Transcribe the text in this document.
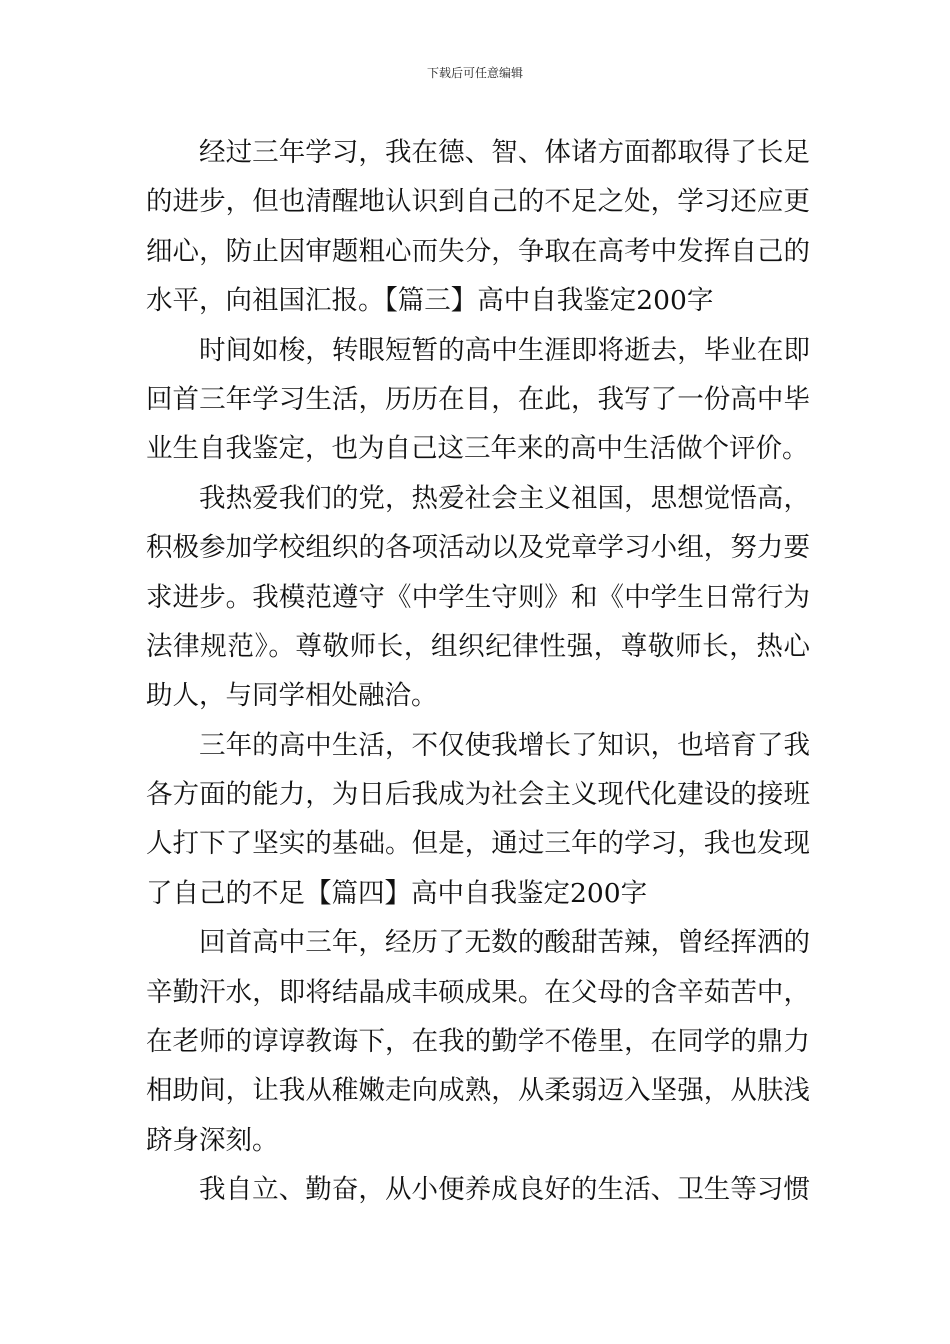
下载后可任意编辑
经过三年学习，我在德、智、体诸方面都取得了长足
的进步，但也清醒地认识到自己的不足之处，学习还应更
细心，防止因审题粗心而失分，争取在高考中发挥自己的
水平，向祖国汇报。【篇三】高中自我鉴定200字
时间如梭，转眼短暂的高中生涯即将逝去，毕业在即
回首三年学习生活，历历在目，在此，我写了一份高中毕
业生自我鉴定，也为自己这三年来的高中生活做个评价。
我热爱我们的党，热爱社会主义祖国，思想觉悟高，
积极参加学校组织的各项活动以及党章学习小组，努力要
求进步。我模范遵守《中学生守则》和《中学生日常行为
法律规范》。尊敬师长，组织纪律性强，尊敬师长，热心
助人，与同学相处融洽。
三年的高中生活，不仅使我增长了知识，也培育了我
各方面的能力，为日后我成为社会主义现代化建设的接班
人打下了坚实的基础。但是，通过三年的学习，我也发现
了自己的不足【篇四】高中自我鉴定200字
回首高中三年，经历了无数的酸甜苦辣，曾经挥洒的
辛勤汗水，即将结晶成丰硕成果。在父母的含辛茹苦中，
在老师的谆谆教诲下，在我的勤学不倦里，在同学的鼎力
相助间，让我从稚嫩走向成熟，从柔弱迈入坚强，从肤浅
跻身深刻。
我自立、勤奋，从小便养成良好的生活、卫生等习惯
